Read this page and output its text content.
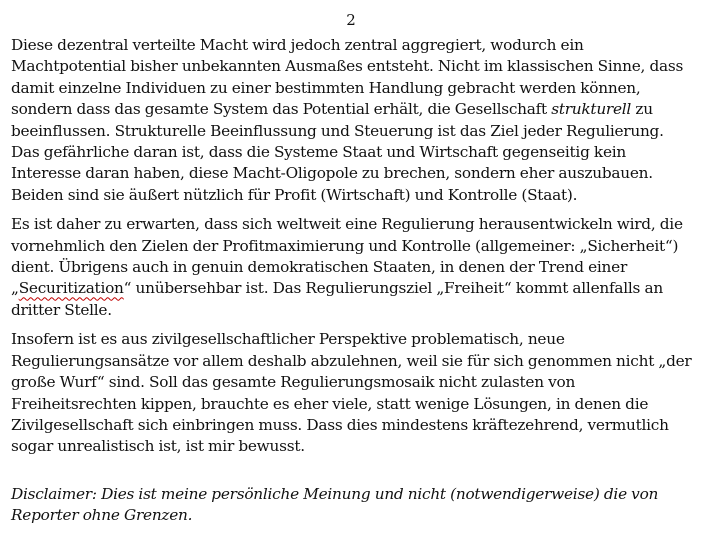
2

Diese dezentral verteilte Macht wird jedoch zentral aggregiert, wodurch ein Machtpotential bisher unbekannten Ausmaßes entsteht. Nicht im klassischen Sinne, dass damit einzelne Individuen zu einer bestimmten Handlung gebracht werden können, sondern dass das gesamte System das Potential erhält, die Gesellschaft strukturell zu beeinflussen. Strukturelle Beeinflussung und Steuerung ist das Ziel jeder Regulierung. Das gefährliche daran ist, dass die Systeme Staat und Wirtschaft gegenseitig kein Interesse daran haben, diese Macht-Oligopole zu brechen, sondern eher auszubauen. Beiden sind sie äußert nützlich für Profit (Wirtschaft) und Kontrolle (Staat).

Es ist daher zu erwarten, dass sich weltweit eine Regulierung herausentwickeln wird, die vornehmlich den Zielen der Profitmaximierung und Kontrolle (allgemeiner: „Sicherheit“) dient. Übrigens auch in genuin demokratischen Staaten, in denen der Trend einer „Securitization“ unübersehbar ist. Das Regulierungsziel „Freiheit“ kommt allenfalls an dritter Stelle.

Insofern ist es aus zivilgesellschaftlicher Perspektive problematisch, neue Regulierungsansätze vor allem deshalb abzulehnen, weil sie für sich genommen nicht „der große Wurf“ sind. Soll das gesamte Regulierungsmosaik nicht zulasten von Freiheitsrechten kippen, brauchte es eher viele, statt wenige Lösungen, in denen die Zivilgesellschaft sich einbringen muss. Dass dies mindestens kräftezehrend, vermutlich sogar unrealistisch ist, ist mir bewusst.

Disclaimer: Dies ist meine persönliche Meinung und nicht (notwendigerweise) die von Reporter ohne Grenzen.
